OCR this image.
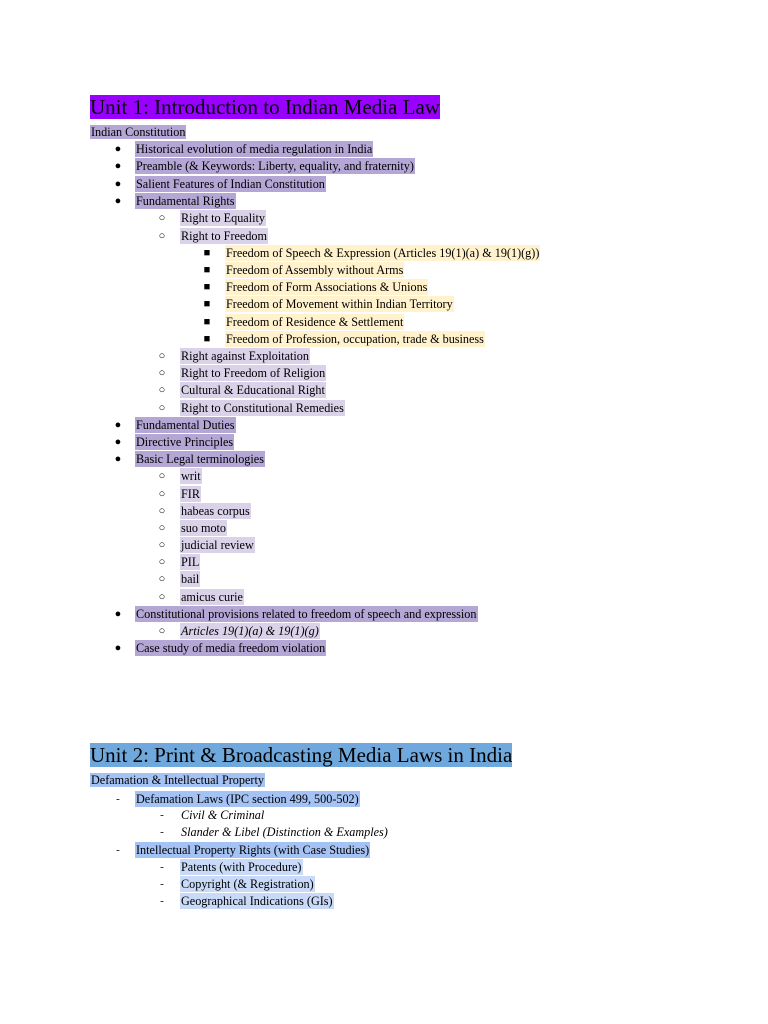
Unit 1: Introduction to Indian Media Law
Indian Constitution
●	Historical evolution of media regulation in India
●	Preamble (& Keywords: Liberty, equality, and fraternity)
●	Salient Features of Indian Constitution
●	Fundamental Rights
○	Right to Equality
○	Right to Freedom
■	Freedom of Speech & Expression (Articles 19(1)(a) & 19(1)(g))
■	Freedom of Assembly without Arms
■	Freedom of Form Associations & Unions
■	Freedom of Movement within Indian Territory
■	Freedom of Residence & Settlement
■	Freedom of Profession, occupation, trade & business
○	Right against Exploitation
○	Right to Freedom of Religion
○	Cultural & Educational Right
○	Right to Constitutional Remedies
●	Fundamental Duties
●	Directive Principles
●	Basic Legal terminologies
○	writ
○	FIR
○	habeas corpus
○	suo moto
○	judicial review
○	PIL
○	bail
○	amicus curie
●	Constitutional provisions related to freedom of speech and expression
○	Articles 19(1)(a) & 19(1)(g)
●	Case study of media freedom violation
Unit 2: Print & Broadcasting Media Laws in India
Defamation & Intellectual Property
-	Defamation Laws (IPC section 499, 500-502)
-	Civil & Criminal
-	Slander & Libel (Distinction & Examples)
-	Intellectual Property Rights (with Case Studies)
-	Patents (with Procedure)
-	Copyright (& Registration)
-	Geographical Indications (GIs)
